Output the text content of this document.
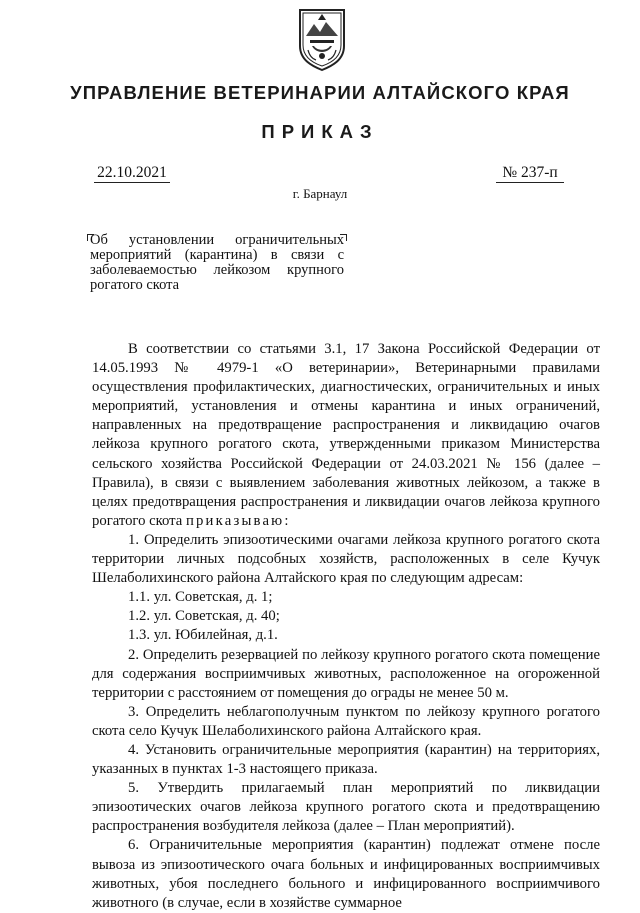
УПРАВЛЕНИЕ ВЕТЕРИНАРИИ АЛТАЙСКОГО КРАЯ
ПРИКАЗ
22.10.2021	№ 237-п
г. Барнаул
Об установлении ограничительных мероприятий (карантина) в связи с заболеваемостью лейкозом крупного рогатого скота

В соответствии со статьями 3.1, 17 Закона Российской Федерации от 14.05.1993 № 4979-1 «О ветеринарии», Ветеринарными правилами осуществления профилактических, диагностических, ограничительных и иных мероприятий, установления и отмены карантина и иных ограничений, направленных на предотвращение распространения и ликвидацию очагов лейкоза крупного рогатого скота, утвержденными приказом Министерства сельского хозяйства Российской Федерации от 24.03.2021 № 156 (далее – Правила), в связи с выявлением заболевания животных лейкозом, а также в целях предотвращения распространения и ликвидации очагов лейкоза крупного рогатого скота приказываю:

1. Определить эпизоотическими очагами лейкоза крупного рогатого скота территории личных подсобных хозяйств, расположенных в селе Кучук Шелаболихинского района Алтайского края по следующим адресам:

1.1. ул. Советская, д. 1;

1.2. ул. Советская, д. 40;

1.3. ул. Юбилейная, д.1.

2. Определить резервацией по лейкозу крупного рогатого скота помещение для содержания восприимчивых животных, расположенное на огороженной территории с расстоянием от помещения до ограды не менее 50 м.

3. Определить неблагополучным пунктом по лейкозу крупного рогатого скота село Кучук Шелаболихинского района Алтайского края.

4. Установить ограничительные мероприятия (карантин) на территориях, указанных в пунктах 1-3 настоящего приказа.

5. Утвердить прилагаемый план мероприятий по ликвидации эпизоотических очагов лейкоза крупного рогатого скота и предотвращению распространения возбудителя лейкоза (далее – План мероприятий).

6. Ограничительные мероприятия (карантин) подлежат отмене после вывоза из эпизоотического очага больных и инфицированных восприимчивых животных, убоя последнего больного и инфицированного восприимчивого животного (в случае, если в хозяйстве суммарное
